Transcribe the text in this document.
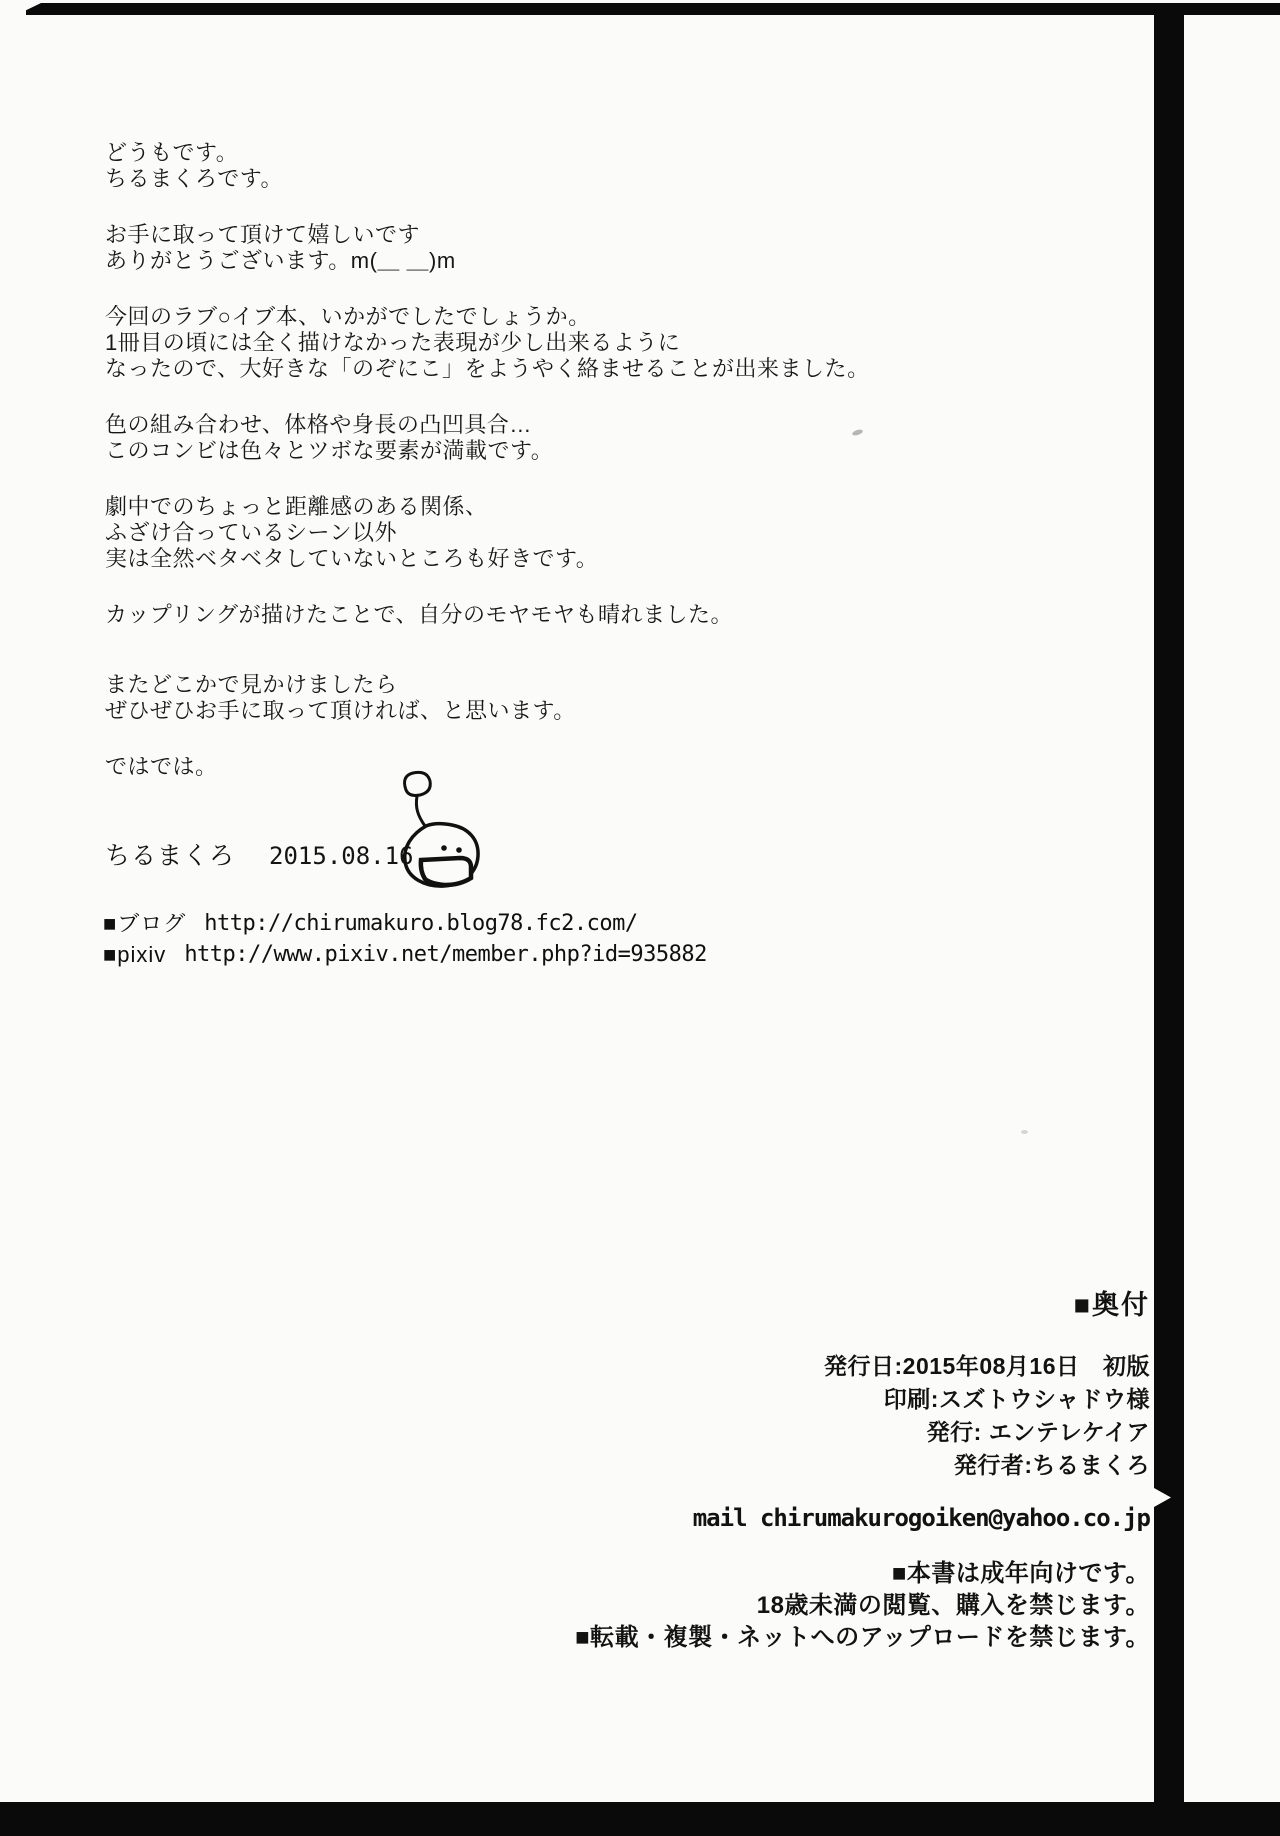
どうもです。
ちるまくろです。
お手に取って頂けて嬉しいです
ありがとうございます。m(＿ ＿)m
今回のラブ○イブ本、いかがでしたでしょうか。
1冊目の頃には全く描けなかった表現が少し出来るように
なったので、大好きな「のぞにこ」をようやく絡ませることが出来ました。
色の組み合わせ、体格や身長の凸凹具合…
このコンビは色々とツボな要素が満載です。
劇中でのちょっと距離感のある関係、
ふざけ合っているシーン以外
実は全然ベタベタしていないところも好きです。
カップリングが描けたことで、自分のモヤモヤも晴れました。
またどこかで見かけましたら
ぜひぜひお手に取って頂ければ、と思います。
ではでは。
ちるまくろ 2015.08.16
■ブログ http://chirumakuro.blog78.fc2.com/
■pixiv http://www.pixiv.net/member.php?id=935882
■奥付
発行日:2015年08月16日　初版
印刷:スズトウシャドウ様
発行: エンテレケイア
発行者:ちるまくろ
mail chirumakurogoiken@yahoo.co.jp
■本書は成年向けです。
18歳未満の閲覧、購入を禁じます。
■転載・複製・ネットへのアップロードを禁じます。
